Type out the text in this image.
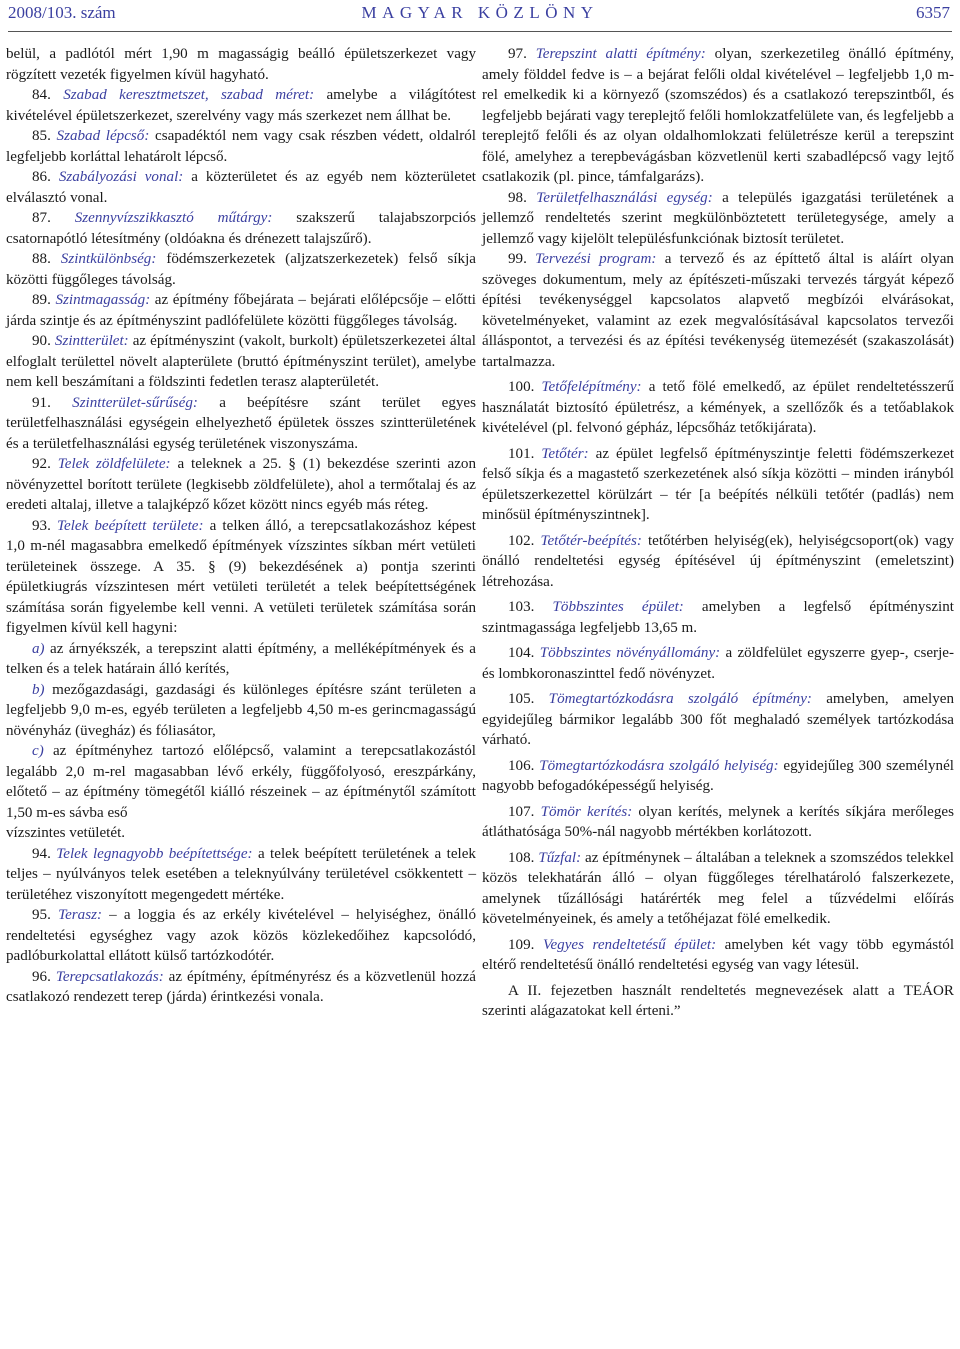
2008/103. szám	MAGYAR KÖZLÖNY	6357

belül, a padlótól mért 1,90 m magasságig beálló épületszerkezet vagy rögzített vezeték figyelmen kívül hagyható.

84. Szabad keresztmetszet, szabad méret: amelybe a világítótest kivételével épületszerkezet, szerelvény vagy más szerkezet nem állhat be.

85. Szabad lépcső: csapadéktól nem vagy csak részben védett, oldalról legfeljebb korláttal lehatárolt lépcső.

86. Szabályozási vonal: a közterületet és az egyéb nem közterületet elválasztó vonal.

87. Szennyvízszikkasztó műtárgy: szakszerű talajabszorpciós csatornapótló létesítmény (oldóakna és drénezett talajszűrő).

88. Szintkülönbség: födémszerkezetek (aljzatszerkezetek) felső síkja közötti függőleges távolság.

89. Szintmagasság: az építmény főbejárata – bejárati előlépcsője – előtti járda szintje és az építményszint padlófelülete közötti függőleges távolság.

90. Szintterület: az építményszint (vakolt, burkolt) épületszerkezetei által elfoglalt területtel növelt alapterülete (bruttó építményszint terület), amelybe nem kell beszámítani a földszinti fedetlen terasz alapterületét.

91. Szintterület-sűrűség: a beépítésre szánt terület egyes területfelhasználási egységein elhelyezhető épületek összes szintterületének és a területfelhasználási egység területének viszonyszáma.

92. Telek zöldfelülete: a teleknek a 25. § (1) bekezdése szerinti azon növényzettel borított területe (legkisebb zöldfelülete), ahol a termőtalaj és az eredeti altalaj, illetve a talajképző kőzet között nincs egyéb más réteg.

93. Telek beépített területe: a telken álló, a terepcsatlakozáshoz képest 1,0 m-nél magasabbra emelkedő építmények vízszintes síkban mért vetületi területeinek összege. A 35. § (9) bekezdésének a) pontja szerinti épületkiugrás vízszintesen mért vetületi területét a telek beépítettségének számítása során figyelembe kell venni. A vetületi területek számítása során figyelmen kívül kell hagyni:

a) az árnyékszék, a terepszint alatti építmény, a melléképítmények és a telken és a telek határain álló kerítés,

b) mezőgazdasági, gazdasági és különleges építésre szánt területen a legfeljebb 9,0 m-es, egyéb területen a legfeljebb 4,50 m-es gerincmagasságú növényház (üvegház) és fóliasátor,

c) az építményhez tartozó előlépcső, valamint a terepcsatlakozástól legalább 2,0 m-rel magasabban lévő erkély, függőfolyosó, ereszpárkány, előtető – az építmény tömegétől kiálló részeinek – az építménytől számított 1,50 m-es sávba eső

vízszintes vetületét.

94. Telek legnagyobb beépítettsége: a telek beépített területének a telek teljes – nyúlványos telek esetében a teleknyúlvány területével csökkentett – területéhez viszonyított megengedett mértéke.

95. Terasz: – a loggia és az erkély kivételével – helyiséghez, önálló rendeltetési egységhez vagy azok közös közlekedőihez kapcsolódó, padlóburkolattal ellátott külső tartózkodótér.

96. Terepcsatlakozás: az építmény, építményrész és a közvetlenül hozzá csatlakozó rendezett terep (járda) érintkezési vonala.

97. Terepszint alatti építmény: olyan, szerkezetileg önálló építmény, amely földdel fedve is – a bejárat felőli oldal kivételével – legfeljebb 1,0 m-rel emelkedik ki a környező (szomszédos) és a csatlakozó terepszintből, és legfeljebb bejárati vagy tereplejtő felőli homlokzatfelülete van, és legfeljebb a tereplejtő felőli és az olyan oldalhomlokzati felületrésze kerül a terepszint fölé, amelyhez a terepbevágásban közvetlenül kerti szabadlépcső vagy lejtő csatlakozik (pl. pince, támfalgarázs).

98. Területfelhasználási egység: a település igazgatási területének a jellemző rendeltetés szerint megkülönböztetett területegysége, amely a jellemző vagy kijelölt településfunkciónak biztosít területet.

99. Tervezési program: a tervező és az építtető által is aláírt olyan szöveges dokumentum, mely az építészeti-műszaki tervezés tárgyát képező építési tevékenységgel kapcsolatos alapvető megbízói elvárásokat, követelményeket, valamint az ezek megvalósításával kapcsolatos tervezői álláspontot, a tervezési és az építési tevékenység ütemezését (szakaszolását) tartalmazza.

100. Tetőfelépítmény: a tető fölé emelkedő, az épület rendeltetésszerű használatát biztosító épületrész, a kémények, a szellőzők és a tetőablakok kivételével (pl. felvonó gépház, lépcsőház tetőkijárata).

101. Tetőtér: az épület legfelső építményszintje feletti födémszerkezet felső síkja és a magastető szerkezetének alsó síkja közötti – minden irányból épületszerkezettel körülzárt – tér [a beépítés nélküli tetőtér (padlás) nem minősül építményszintnek].

102. Tetőtér-beépítés: tetőtérben helyiség(ek), helyiségcsoport(ok) vagy önálló rendeltetési egység építésével új építményszint (emeletszint) létrehozása.

103. Többszintes épület: amelyben a legfelső építményszint szintmagassága legfeljebb 13,65 m.

104. Többszintes növényállomány: a zöldfelület egyszerre gyep-, cserje- és lombkoronaszinttel fedő növényzet.

105. Tömegtartózkodásra szolgáló építmény: amelyben, amelyen egyidejűleg bármikor legalább 300 főt meghaladó személyek tartózkodása várható.

106. Tömegtartózkodásra szolgáló helyiség: egyidejűleg 300 személynél nagyobb befogadóképességű helyiség.

107. Tömör kerítés: olyan kerítés, melynek a kerítés síkjára merőleges átláthatósága 50%-nál nagyobb mértékben korlátozott.

108. Tűzfal: az építménynek – általában a teleknek a szomszédos telekkel közös telekhatárán álló – olyan függőleges térelhatároló falszerkezete, amelynek tűzállósági határérték meg felel a tűzvédelmi előírás követelményeinek, és amely a tetőhéjazat fölé emelkedik.

109. Vegyes rendeltetésű épület: amelyben két vagy több egymástól eltérő rendeltetésű önálló rendeltetési egység van vagy létesül.

A II. fejezetben használt rendeltetés megnevezések alatt a TEÁOR szerinti alágazatokat kell érteni.”
